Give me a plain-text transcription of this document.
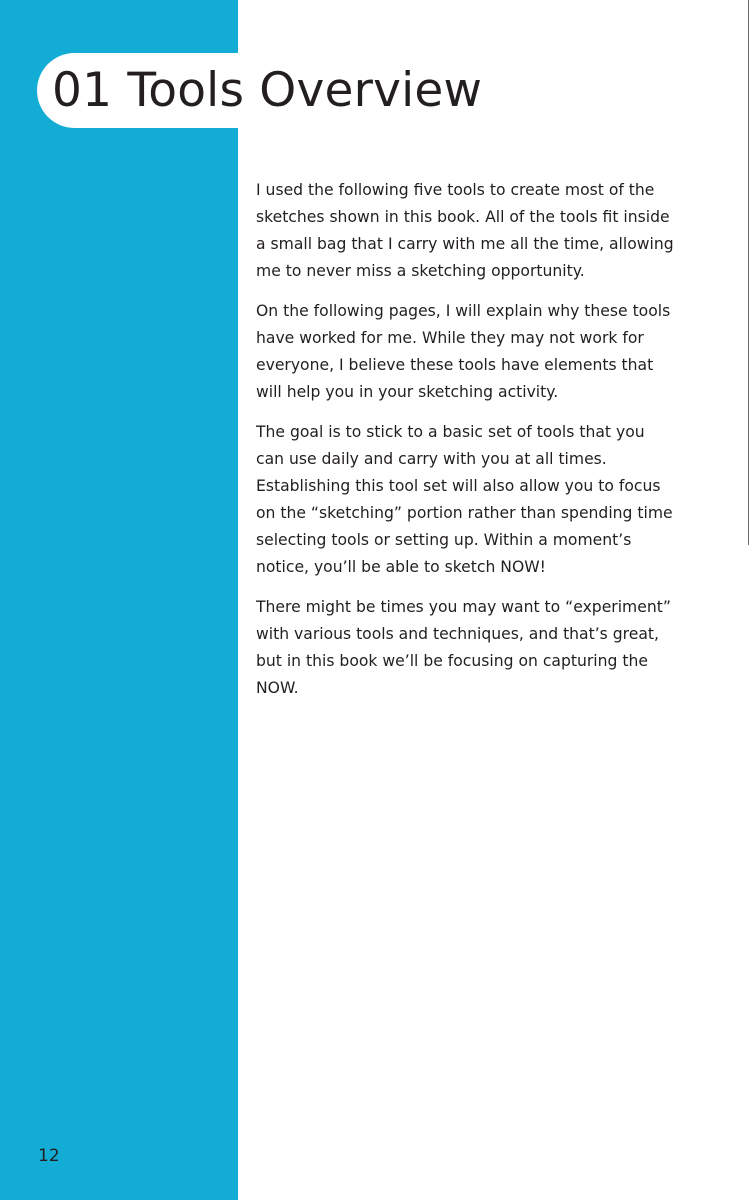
01 Tools Overview

I used the following five tools to create most of the sketches shown in this book. All of the tools fit inside a small bag that I carry with me all the time, allowing me to never miss a sketching opportunity.

On the following pages, I will explain why these tools have worked for me. While they may not work for everyone, I believe these tools have elements that will help you in your sketching activity.

The goal is to stick to a basic set of tools that you can use daily and carry with you at all times. Establishing this tool set will also allow you to focus on the “sketching” portion rather than spending time selecting tools or setting up. Within a moment’s notice, you’ll be able to sketch NOW!

There might be times you may want to “experiment” with various tools and techniques, and that’s great, but in this book we’ll be focusing on capturing the NOW.

12
